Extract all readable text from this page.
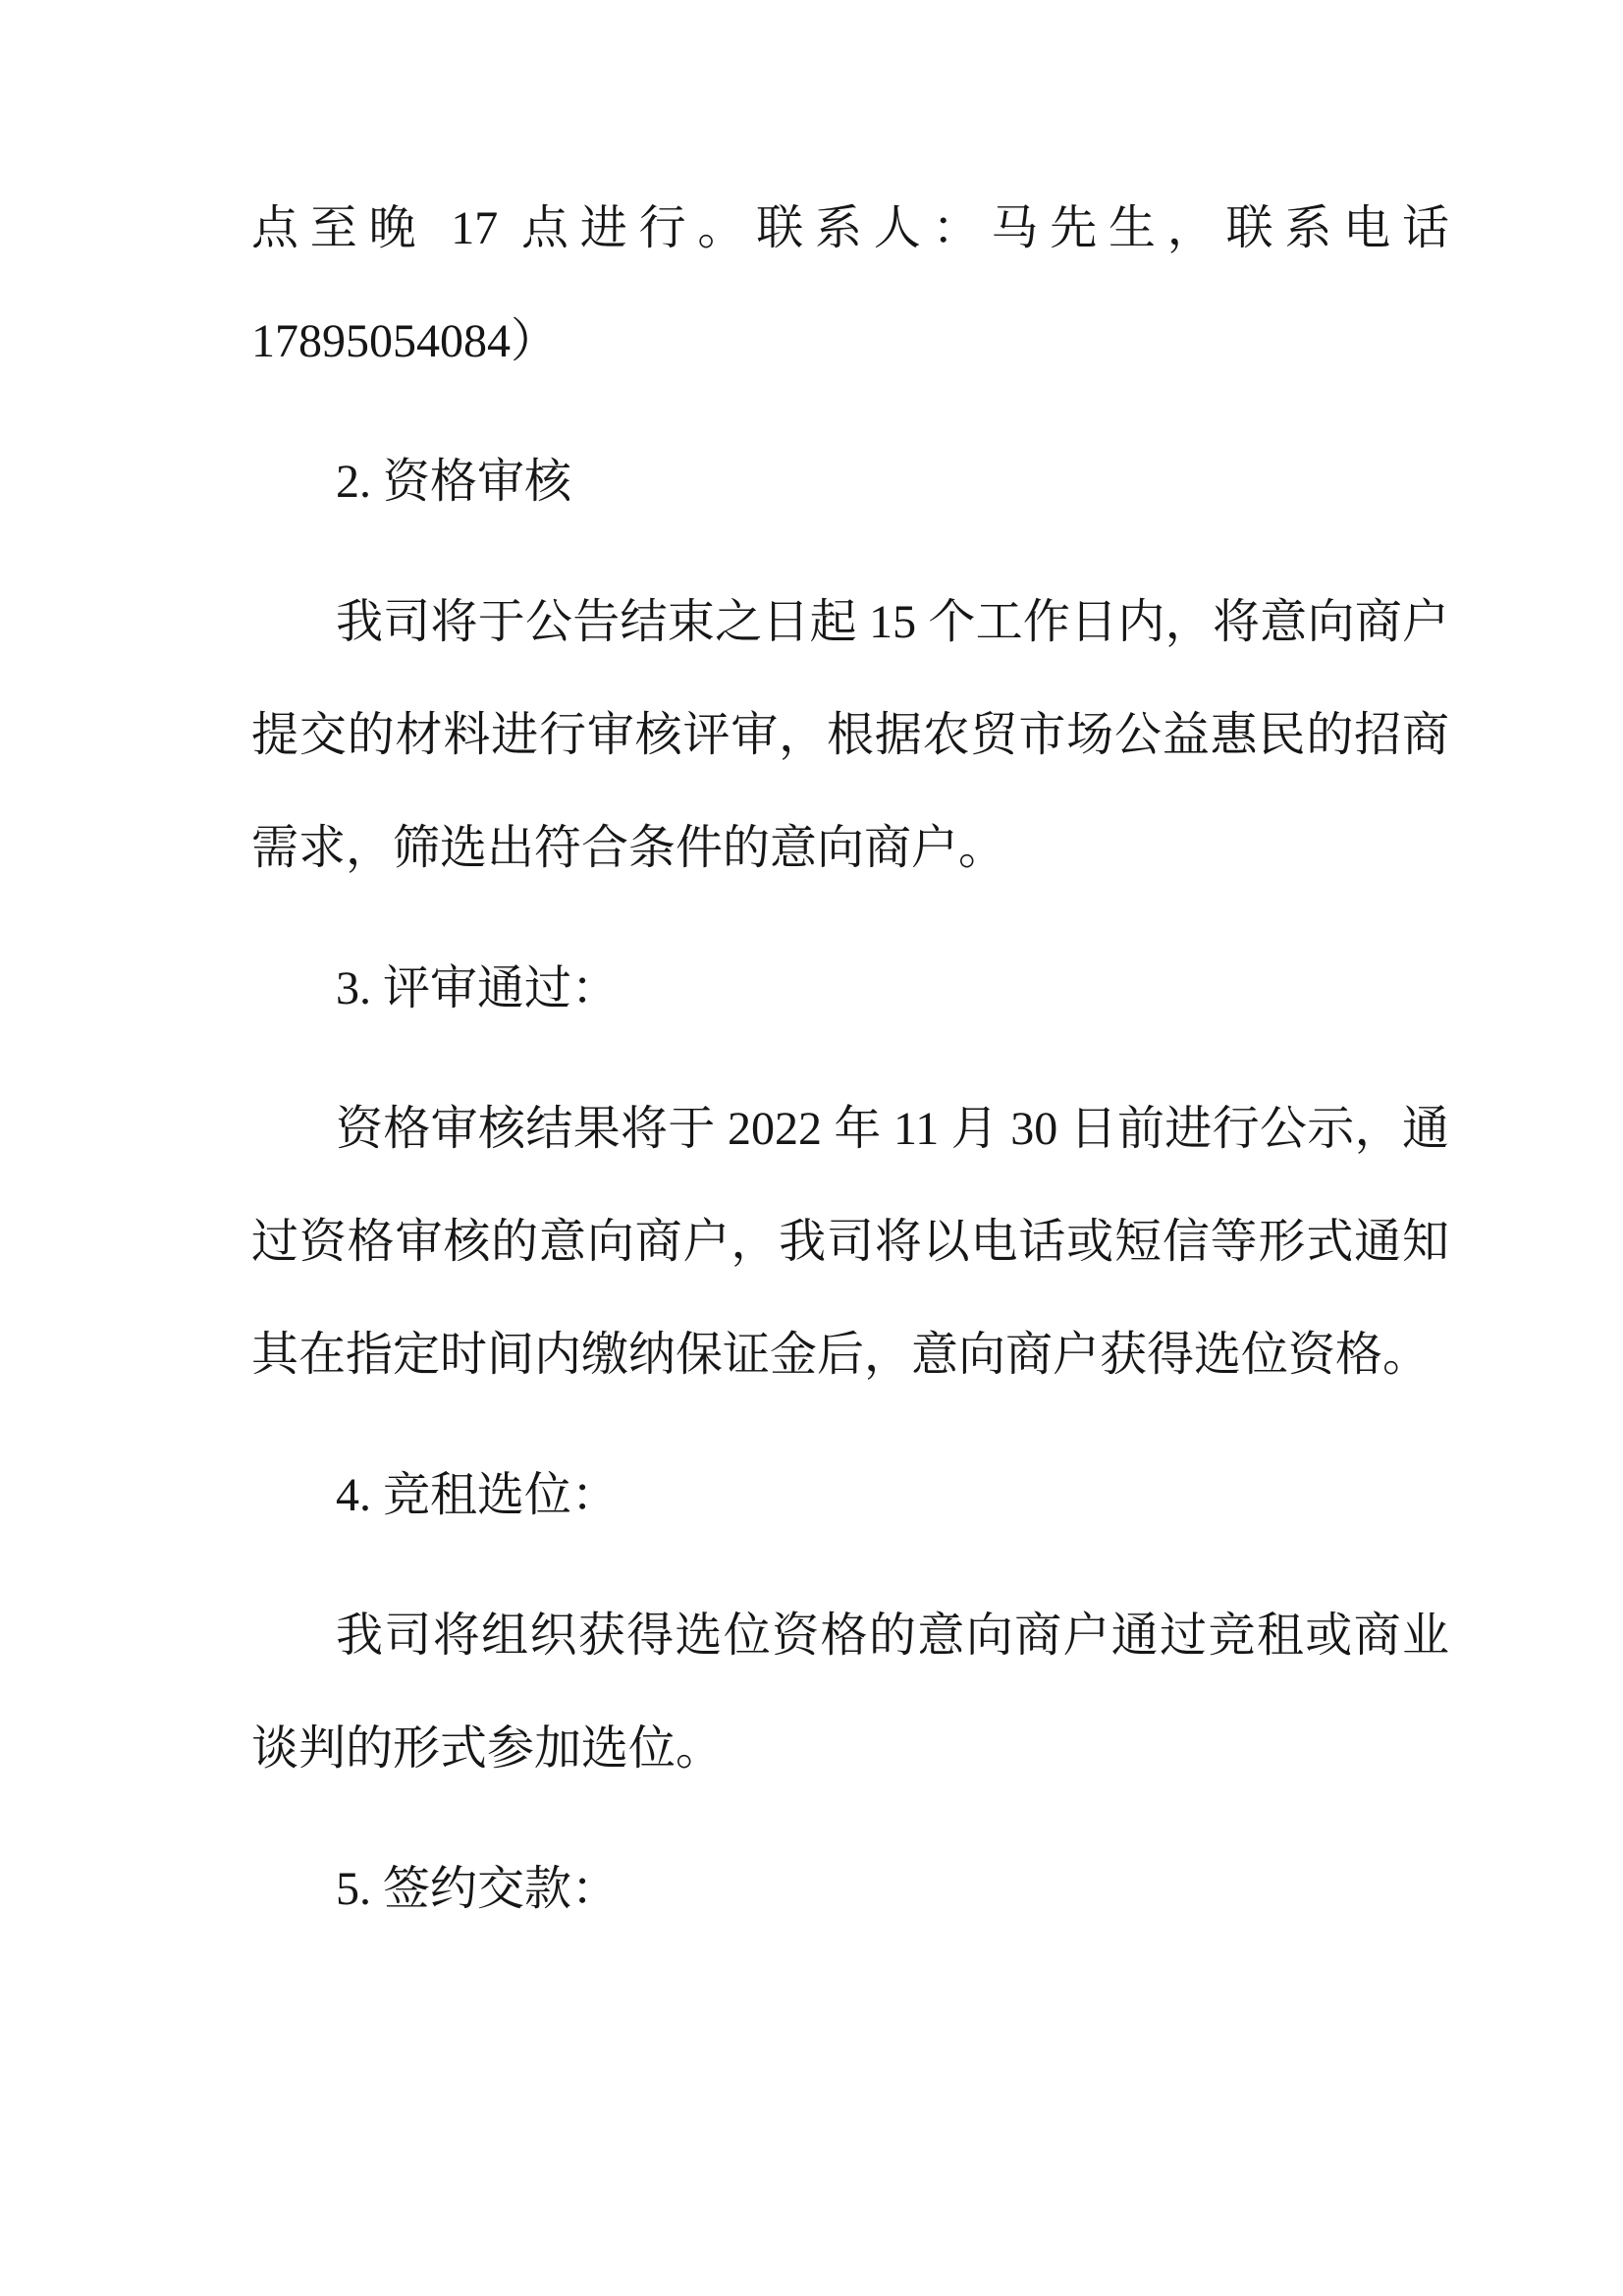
点至晚 17 点进行。联系人：马先生，联系电话 17895054084）

2. 资格审核

我司将于公告结束之日起 15 个工作日内，将意向商户提交的材料进行审核评审，根据农贸市场公益惠民的招商需求，筛选出符合条件的意向商户。

3. 评审通过：

资格审核结果将于 2022 年 11 月 30 日前进行公示，通过资格审核的意向商户，我司将以电话或短信等形式通知其在指定时间内缴纳保证金后，意向商户获得选位资格。

4. 竞租选位：

我司将组织获得选位资格的意向商户通过竞租或商业谈判的形式参加选位。

5. 签约交款：
